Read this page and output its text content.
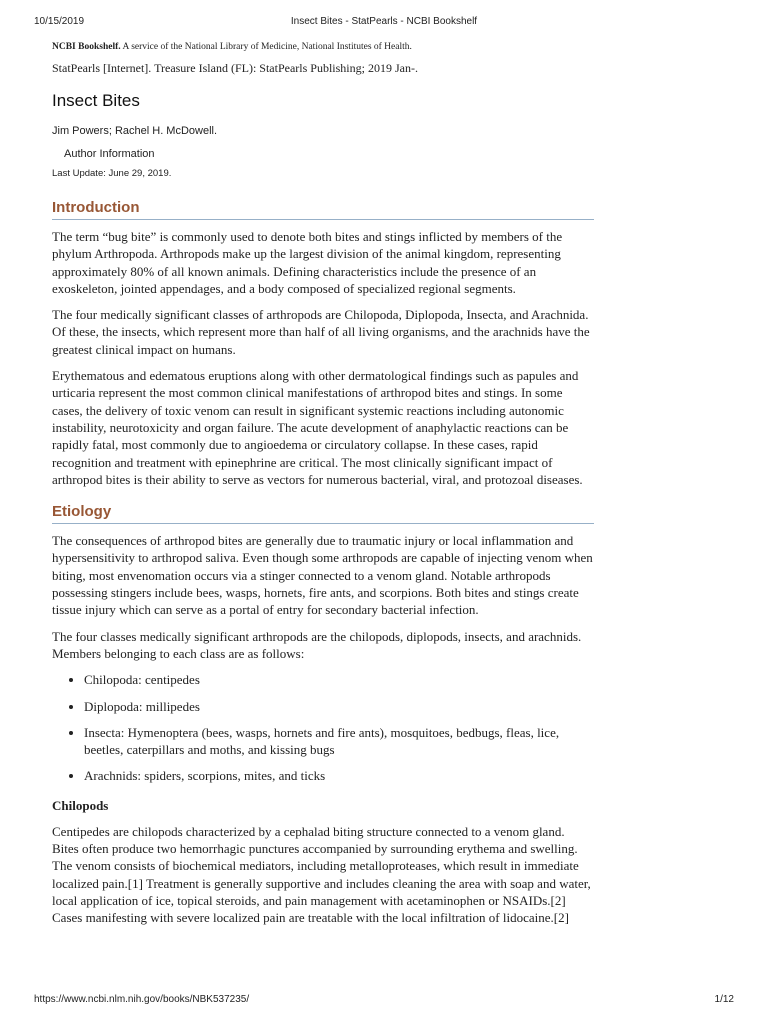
10/15/2019	Insect Bites - StatPearls - NCBI Bookshelf

NCBI Bookshelf. A service of the National Library of Medicine, National Institutes of Health.

StatPearls [Internet]. Treasure Island (FL): StatPearls Publishing; 2019 Jan-.

Insect Bites
Jim Powers; Rachel H. McDowell.
Author Information
Last Update: June 29, 2019.
Introduction

The term “bug bite” is commonly used to denote both bites and stings inflicted by members of the phylum Arthropoda. Arthropods make up the largest division of the animal kingdom, representing approximately 80% of all known animals. Defining characteristics include the presence of an exoskeleton, jointed appendages, and a body composed of specialized regional segments.

The four medically significant classes of arthropods are Chilopoda, Diplopoda, Insecta, and Arachnida. Of these, the insects, which represent more than half of all living organisms, and the arachnids have the greatest clinical impact on humans.

Erythematous and edematous eruptions along with other dermatological findings such as papules and urticaria represent the most common clinical manifestations of arthropod bites and stings. In some cases, the delivery of toxic venom can result in significant systemic reactions including autonomic instability, neurotoxicity and organ failure. The acute development of anaphylactic reactions can be rapidly fatal, most commonly due to angioedema or circulatory collapse. In these cases, rapid recognition and treatment with epinephrine are critical. The most clinically significant impact of arthropod bites is their ability to serve as vectors for numerous bacterial, viral, and protozoal diseases.

Etiology

The consequences of arthropod bites are generally due to traumatic injury or local inflammation and hypersensitivity to arthropod saliva. Even though some arthropods are capable of injecting venom when biting, most envenomation occurs via a stinger connected to a venom gland. Notable arthropods possessing stingers include bees, wasps, hornets, fire ants, and scorpions. Both bites and stings create tissue injury which can serve as a portal of entry for secondary bacterial infection.

The four classes medically significant arthropods are the chilopods, diplopods, insects, and arachnids. Members belonging to each class are as follows:

• Chilopoda: centipedes
• Diplopoda: millipedes
• Insecta: Hymenoptera (bees, wasps, hornets and fire ants), mosquitoes, bedbugs, fleas, lice, beetles, caterpillars and moths, and kissing bugs
• Arachnids: spiders, scorpions, mites, and ticks
Chilopods

Centipedes are chilopods characterized by a cephalad biting structure connected to a venom gland. Bites often produce two hemorrhagic punctures accompanied by surrounding erythema and swelling. The venom consists of biochemical mediators, including metalloproteases, which result in immediate localized pain.[1] Treatment is generally supportive and includes cleaning the area with soap and water, local application of ice, topical steroids, and pain management with acetaminophen or NSAIDs.[2] Cases manifesting with severe localized pain are treatable with the local infiltration of lidocaine.[2]

https://www.ncbi.nlm.nih.gov/books/NBK537235/	1/12
